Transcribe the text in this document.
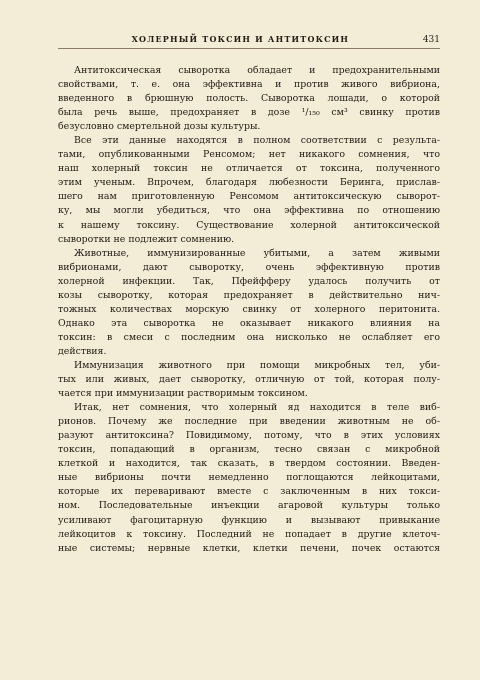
ХОЛЕРНЫЙ ТОКСИН И АНТИТОКСИН	431

Антитоксическая сыворотка обладает и предохранительными
свойствами, т. е. она эффективна и против живого вибриона,
введенного в брюшную полость. Сыворотка лошади, о которой
была речь выше, предохраняет в дозе ¹/₁₅₀ см³ свинку против
безусловно смертельной дозы культуры.

Все эти данные находятся в полном соответствии с результа-
тами, опубликованными Ренсомом; нет никакого сомнения, что
наш холерный токсин не отличается от токсина, полученного
этим ученым. Впрочем, благодаря любезности Беринга, прислав-
шего нам приготовленную Ренсомом антитоксическую сыворот-
ку, мы могли убедиться, что она эффективна по отношению
к нашему токсину. Существование холерной антитоксической
сыворотки не подлежит сомнению.

Животные, иммунизированные убитыми, а затем живыми
вибрионами, дают сыворотку, очень эффективную против
холерной инфекции. Так, Пфейфферу удалось получить от
козы сыворотку, которая предохраняет в действительно нич-
тожных количествах морскую свинку от холерного перитонита.
Однако эта сыворотка не оказывает никакого влияния на
токсин: в смеси с последним она нисколько не ослабляет его
действия.

Иммунизация животного при помощи микробных тел, уби-
тых или живых, дает сыворотку, отличную от той, которая полу-
чается при иммунизации растворимым токсином.

Итак, нет сомнения, что холерный яд находится в теле виб-
рионов. Почему же последние при введении животным не об-
разуют антитоксина? Повидимому, потому, что в этих условиях
токсин, попадающий в организм, тесно связан с микробной
клеткой и находится, так сказать, в твердом состоянии. Введен-
ные вибрионы почти немедленно поглощаются лейкоцитами,
которые их переваривают вместе с заключенным в них токси-
ном. Последовательные инъекции агаровой культуры только
усиливают фагоцитарную функцию и вызывают привыкание
лейкоцитов к токсину. Последний не попадает в другие клеточ-
ные системы; нервные клетки, клетки печени, почек остаются
